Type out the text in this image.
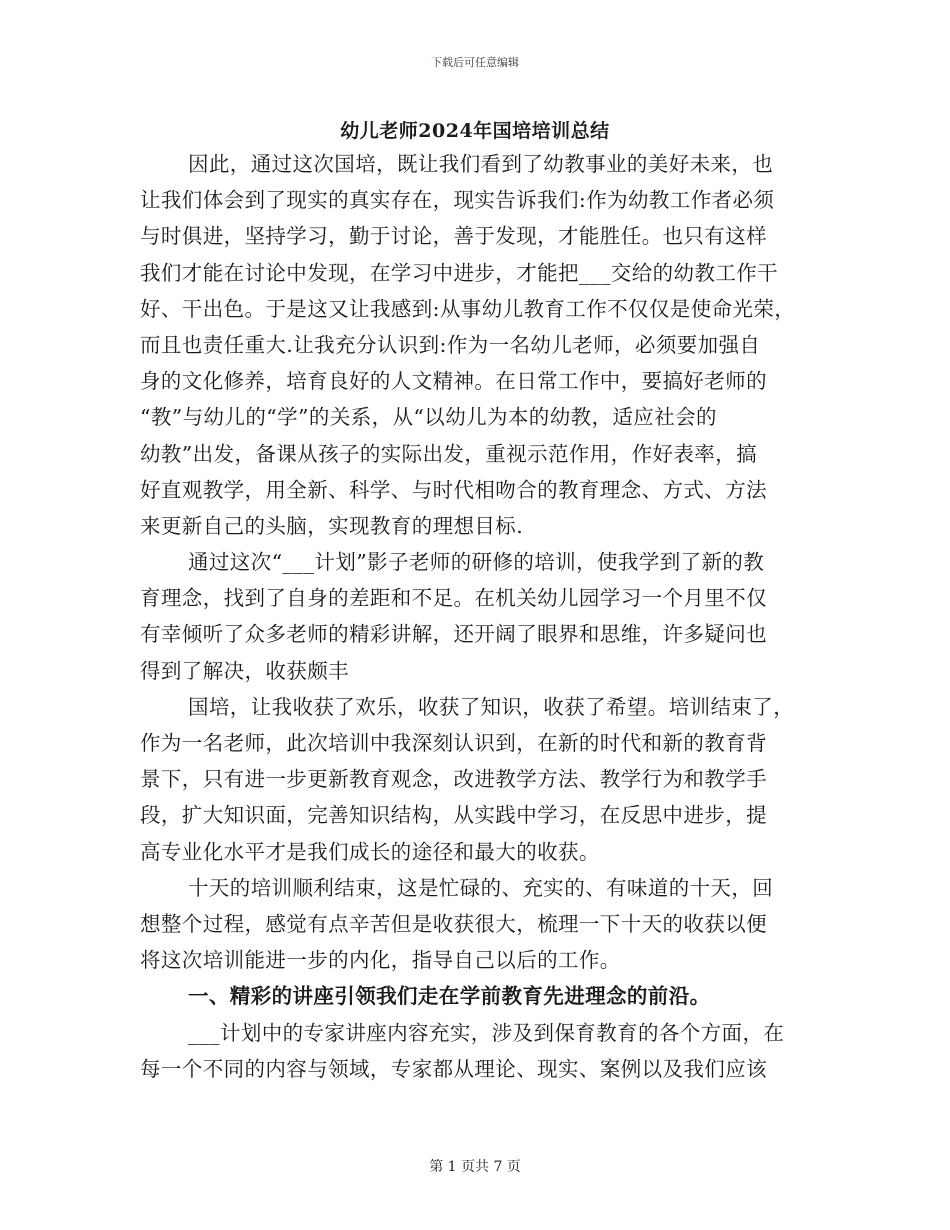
下载后可任意编辑
幼儿老师2024年国培培训总结
因此，通过这次国培，既让我们看到了幼教事业的美好未来，也
让我们体会到了现实的真实存在，现实告诉我们:作为幼教工作者必须
与时俱进，坚持学习，勤于讨论，善于发现，才能胜任。也只有这样
我们才能在讨论中发现，在学习中进步，才能把___交给的幼教工作干
好、干出色。于是这又让我感到:从事幼儿教育工作不仅仅是使命光荣，
而且也责任重大.让我充分认识到:作为一名幼儿老师，必须要加强自
身的文化修养，培育良好的人文精神。在日常工作中，要搞好老师的
“教”与幼儿的“学”的关系，从“以幼儿为本的幼教，适应社会的
幼教”出发，备课从孩子的实际出发，重视示范作用，作好表率，搞
好直观教学，用全新、科学、与时代相吻合的教育理念、方式、方法
来更新自己的头脑，实现教育的理想目标.
通过这次“___计划”影子老师的研修的培训，使我学到了新的教
育理念，找到了自身的差距和不足。在机关幼儿园学习一个月里不仅
有幸倾听了众多老师的精彩讲解，还开阔了眼界和思维，许多疑问也
得到了解决，收获颇丰
国培，让我收获了欢乐，收获了知识，收获了希望。培训结束了，
作为一名老师，此次培训中我深刻认识到，在新的时代和新的教育背
景下，只有进一步更新教育观念，改进教学方法、教学行为和教学手
段，扩大知识面，完善知识结构，从实践中学习，在反思中进步，提
高专业化水平才是我们成长的途径和最大的收获。
十天的培训顺利结束，这是忙碌的、充实的、有味道的十天，回
想整个过程，感觉有点辛苦但是收获很大，梳理一下十天的收获以便
将这次培训能进一步的内化，指导自己以后的工作。
一、精彩的讲座引领我们走在学前教育先进理念的前沿。
___计划中的专家讲座内容充实，涉及到保育教育的各个方面，在
每一个不同的内容与领域，专家都从理论、现实、案例以及我们应该
第 1 页共 7 页
